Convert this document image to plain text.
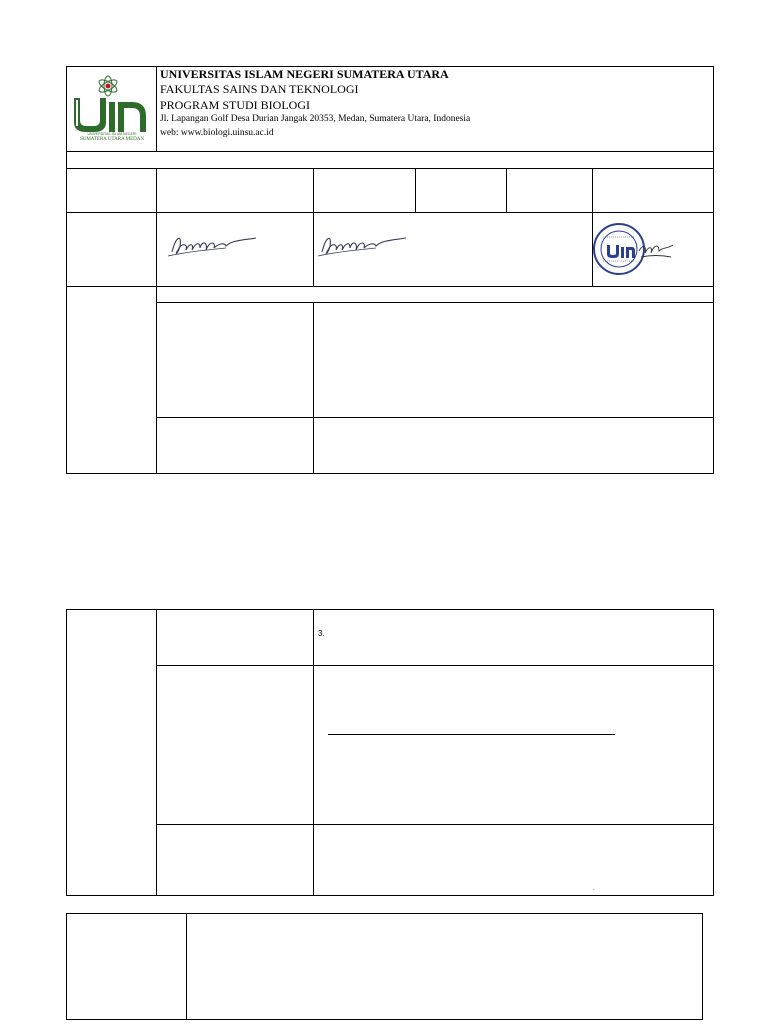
UNIVERSITAS ISLAM NEGERI
SUMATERA UTARA MEDAN
UNIVERSITAS ISLAM NEGERI SUMATERA UTARA
FAKULTAS SAINS DAN TEKNOLOGI
PROGRAM STUDI BIOLOGI
Jl. Lapangan Golf Desa Durian Jangak 20353, Medan, Sumatera Utara, Indonesia
web: www.biologi.uinsu.ac.id
3.
.
